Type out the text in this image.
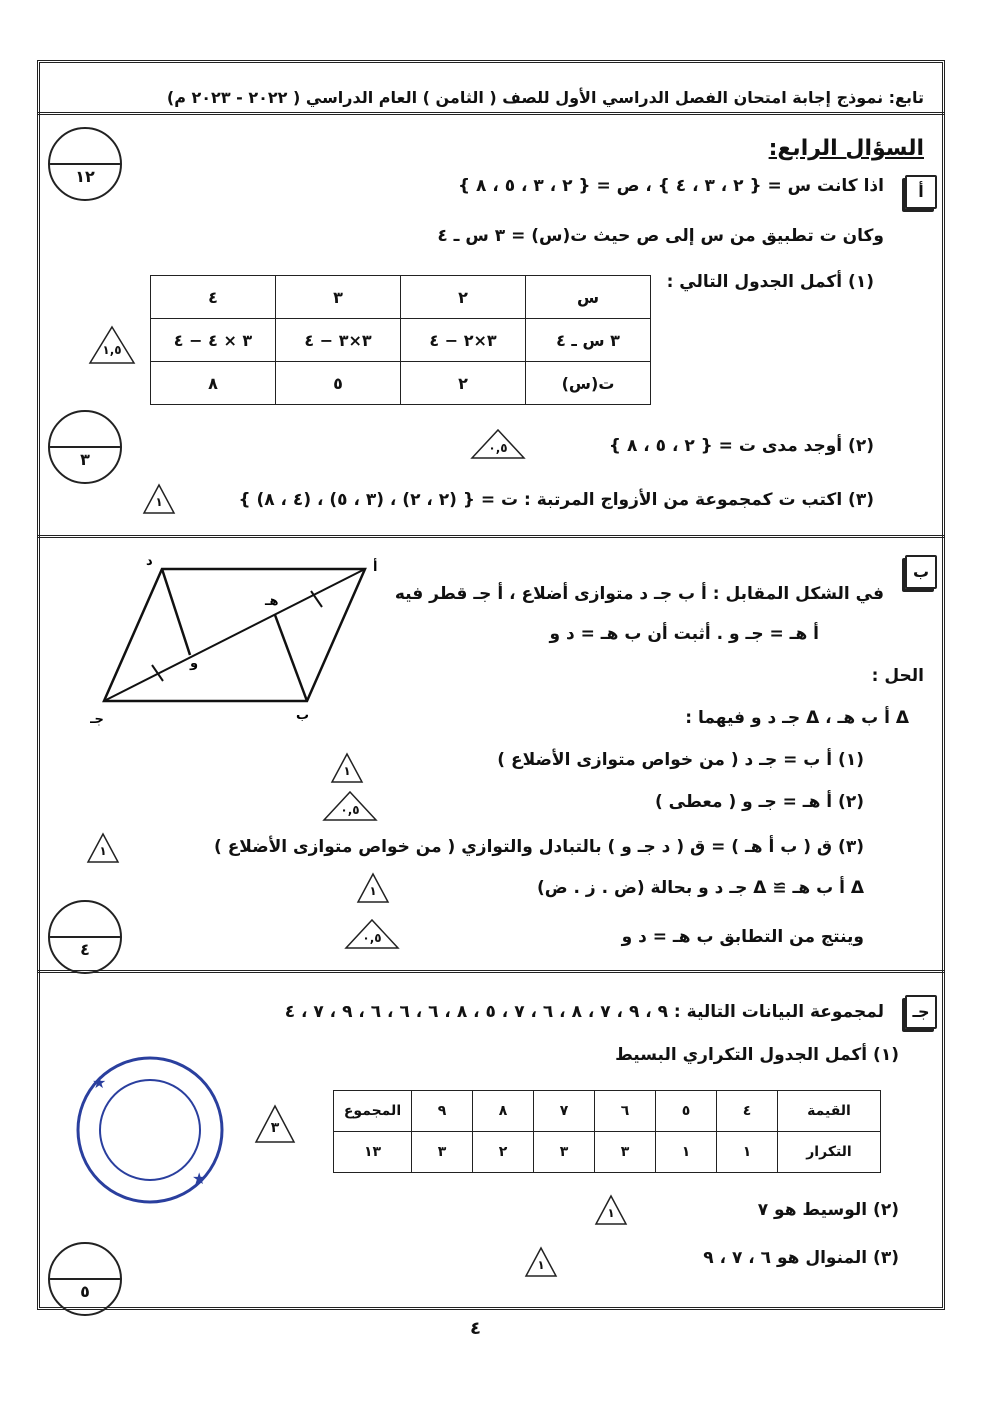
تابع: نموذج إجابة امتحان الفصل الدراسي الأول للصف ( الثامن ) العام الدراسي ( ٢٠٢٢ - ٢٠٢٣ م)
السؤال الرابع:
١٢
أ
اذا كانت س = { ٢ ، ٣ ، ٤ } ، ص = { ٢ ، ٣ ، ٥ ، ٨ }
وكان ت تطبيق من س إلى ص حيث ت(س) = ٣ س ـ ٤
(١) أكمل الجدول التالي :
س	٢	٣	٤
٣ س ـ ٤	٣×٢ − ٤	٣×٣ − ٤	٣ × ٤ − ٤
ت(س)	٢	٥	٨
١,٥
(٢) أوجد مدى ت = { ٢ ، ٥ ، ٨ }
٠,٥
٣
(٣) اكتب ت كمجموعة من الأزواج المرتبة : ت = { (٢ ، ٢) ، (٣ ، ٥) ، (٤ ، ٨) }
١
ب
في الشكل المقابل : أ ب جـ د متوازى أضلاع ، أ جـ قطر فيه
أ هـ = جـ و . أثبت أن ب هـ = د و
أ
د
جـ	ب
هـ
و
الحل :
Δ أ ب هـ ، Δ جـ د و فيهما :
(١) أ ب = جـ د ( من خواص متوازى الأضلاع )
١
(٢) أ هـ = جـ و ( معطى )
٠,٥
(٣) ق ( ب أ هـ ) = ق ( د جـ و ) بالتبادل والتوازي ( من خواص متوازى الأضلاع )
١
Δ أ ب هـ ≅ Δ جـ د و بحالة (ض . ز . ض)
١
وينتج من التطابق ب هـ = د و
٠,٥
٤
جـ
لمجموعة البيانات التالية : ٩ ، ٩ ، ٧ ، ٨ ، ٦ ، ٧ ، ٥ ، ٨ ، ٦ ، ٦ ، ٦ ، ٩ ، ٧ ، ٤
(١) أكمل الجدول التكراري البسيط
★
★
القيمة	٤	٥	٦	٧	٨	٩	المجموع
التكرار	١	١	٣	٣	٢	٣	١٣
٣
(٢) الوسيط هو ٧
١
(٣) المنوال هو ٦ ، ٧ ، ٩
١
٥
٤
